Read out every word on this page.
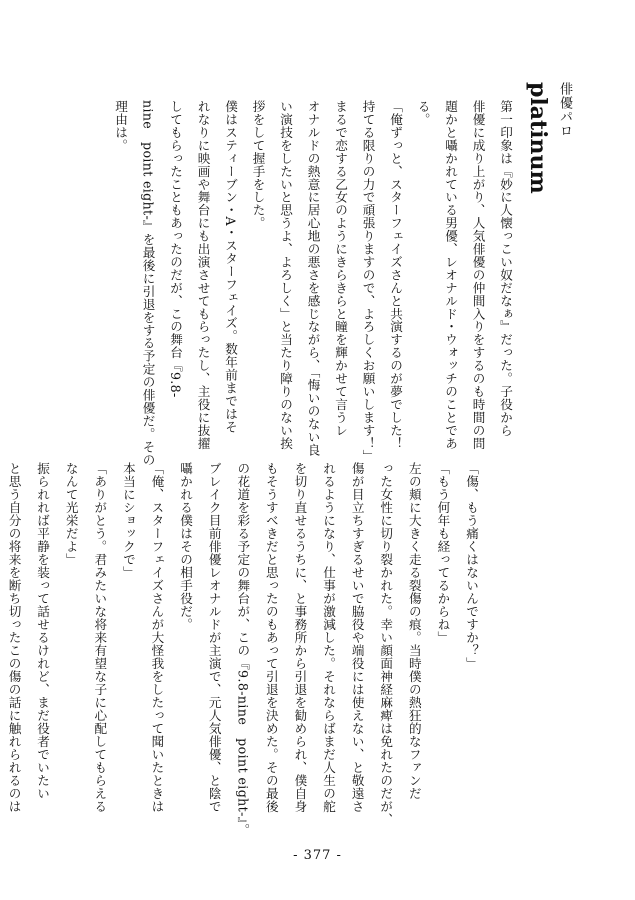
俳優パロ
platinum
第一印象は『妙に人懐っこい奴だなぁ』だった。子役から
俳優に成り上がり、人気俳優の仲間入りをするのも時間の問
題かと囁かれている男優、レオナルド・ウォッチのことであ
る。
「俺ずっと、スターフェイズさんと共演するのが夢でした！
持てる限りの力で頑張りますので、よろしくお願いします！」
まるで恋する乙女のようにきらきらと瞳を輝かせて言うレ
オナルドの熱意に居心地の悪さを感じながら、「悔いのない良
い演技をしたいと思うよ、よろしく」と当たり障りのない挨
拶をして握手をした。
僕はスティーブン・A・スターフェイズ。数年前まではそ
れなりに映画や舞台にも出演させてもらったし、主役に抜擢
してもらったこともあったのだが、この舞台『9.8-
nine　point eight-』を最後に引退をする予定の俳優だ。その
理由は。
「傷、もう痛くはないんですか？」
「もう何年も経ってるからね」
左の頬に大きく走る裂傷の痕。当時僕の熱狂的なファンだ
った女性に切り裂かれた。幸い顔面神経麻痺は免れたのだが、
傷が目立ちすぎるせいで脇役や端役には使えない、と敬遠さ
れるようになり、仕事が激減した。それならばまだ人生の舵
を切り直せるうちに、と事務所から引退を勧められ、僕自身
もそうすべきだと思ったのもあって引退を決めた。その最後
の花道を彩る予定の舞台が、この『9.8-nine　point eight-』。
ブレイク目前俳優レオナルドが主演で、元人気俳優、と陰で
囁かれる僕はその相手役だ。
「俺、スターフェイズさんが大怪我をしたって聞いたときは
本当にショックで」
「ありがとう。君みたいな将来有望な子に心配してもらえる
なんて光栄だよ」
振られれば平静を装って話せるけれど、まだ役者でいたい
と思う自分の将来を断ち切ったこの傷の話に触れられるのは
- 377 -
